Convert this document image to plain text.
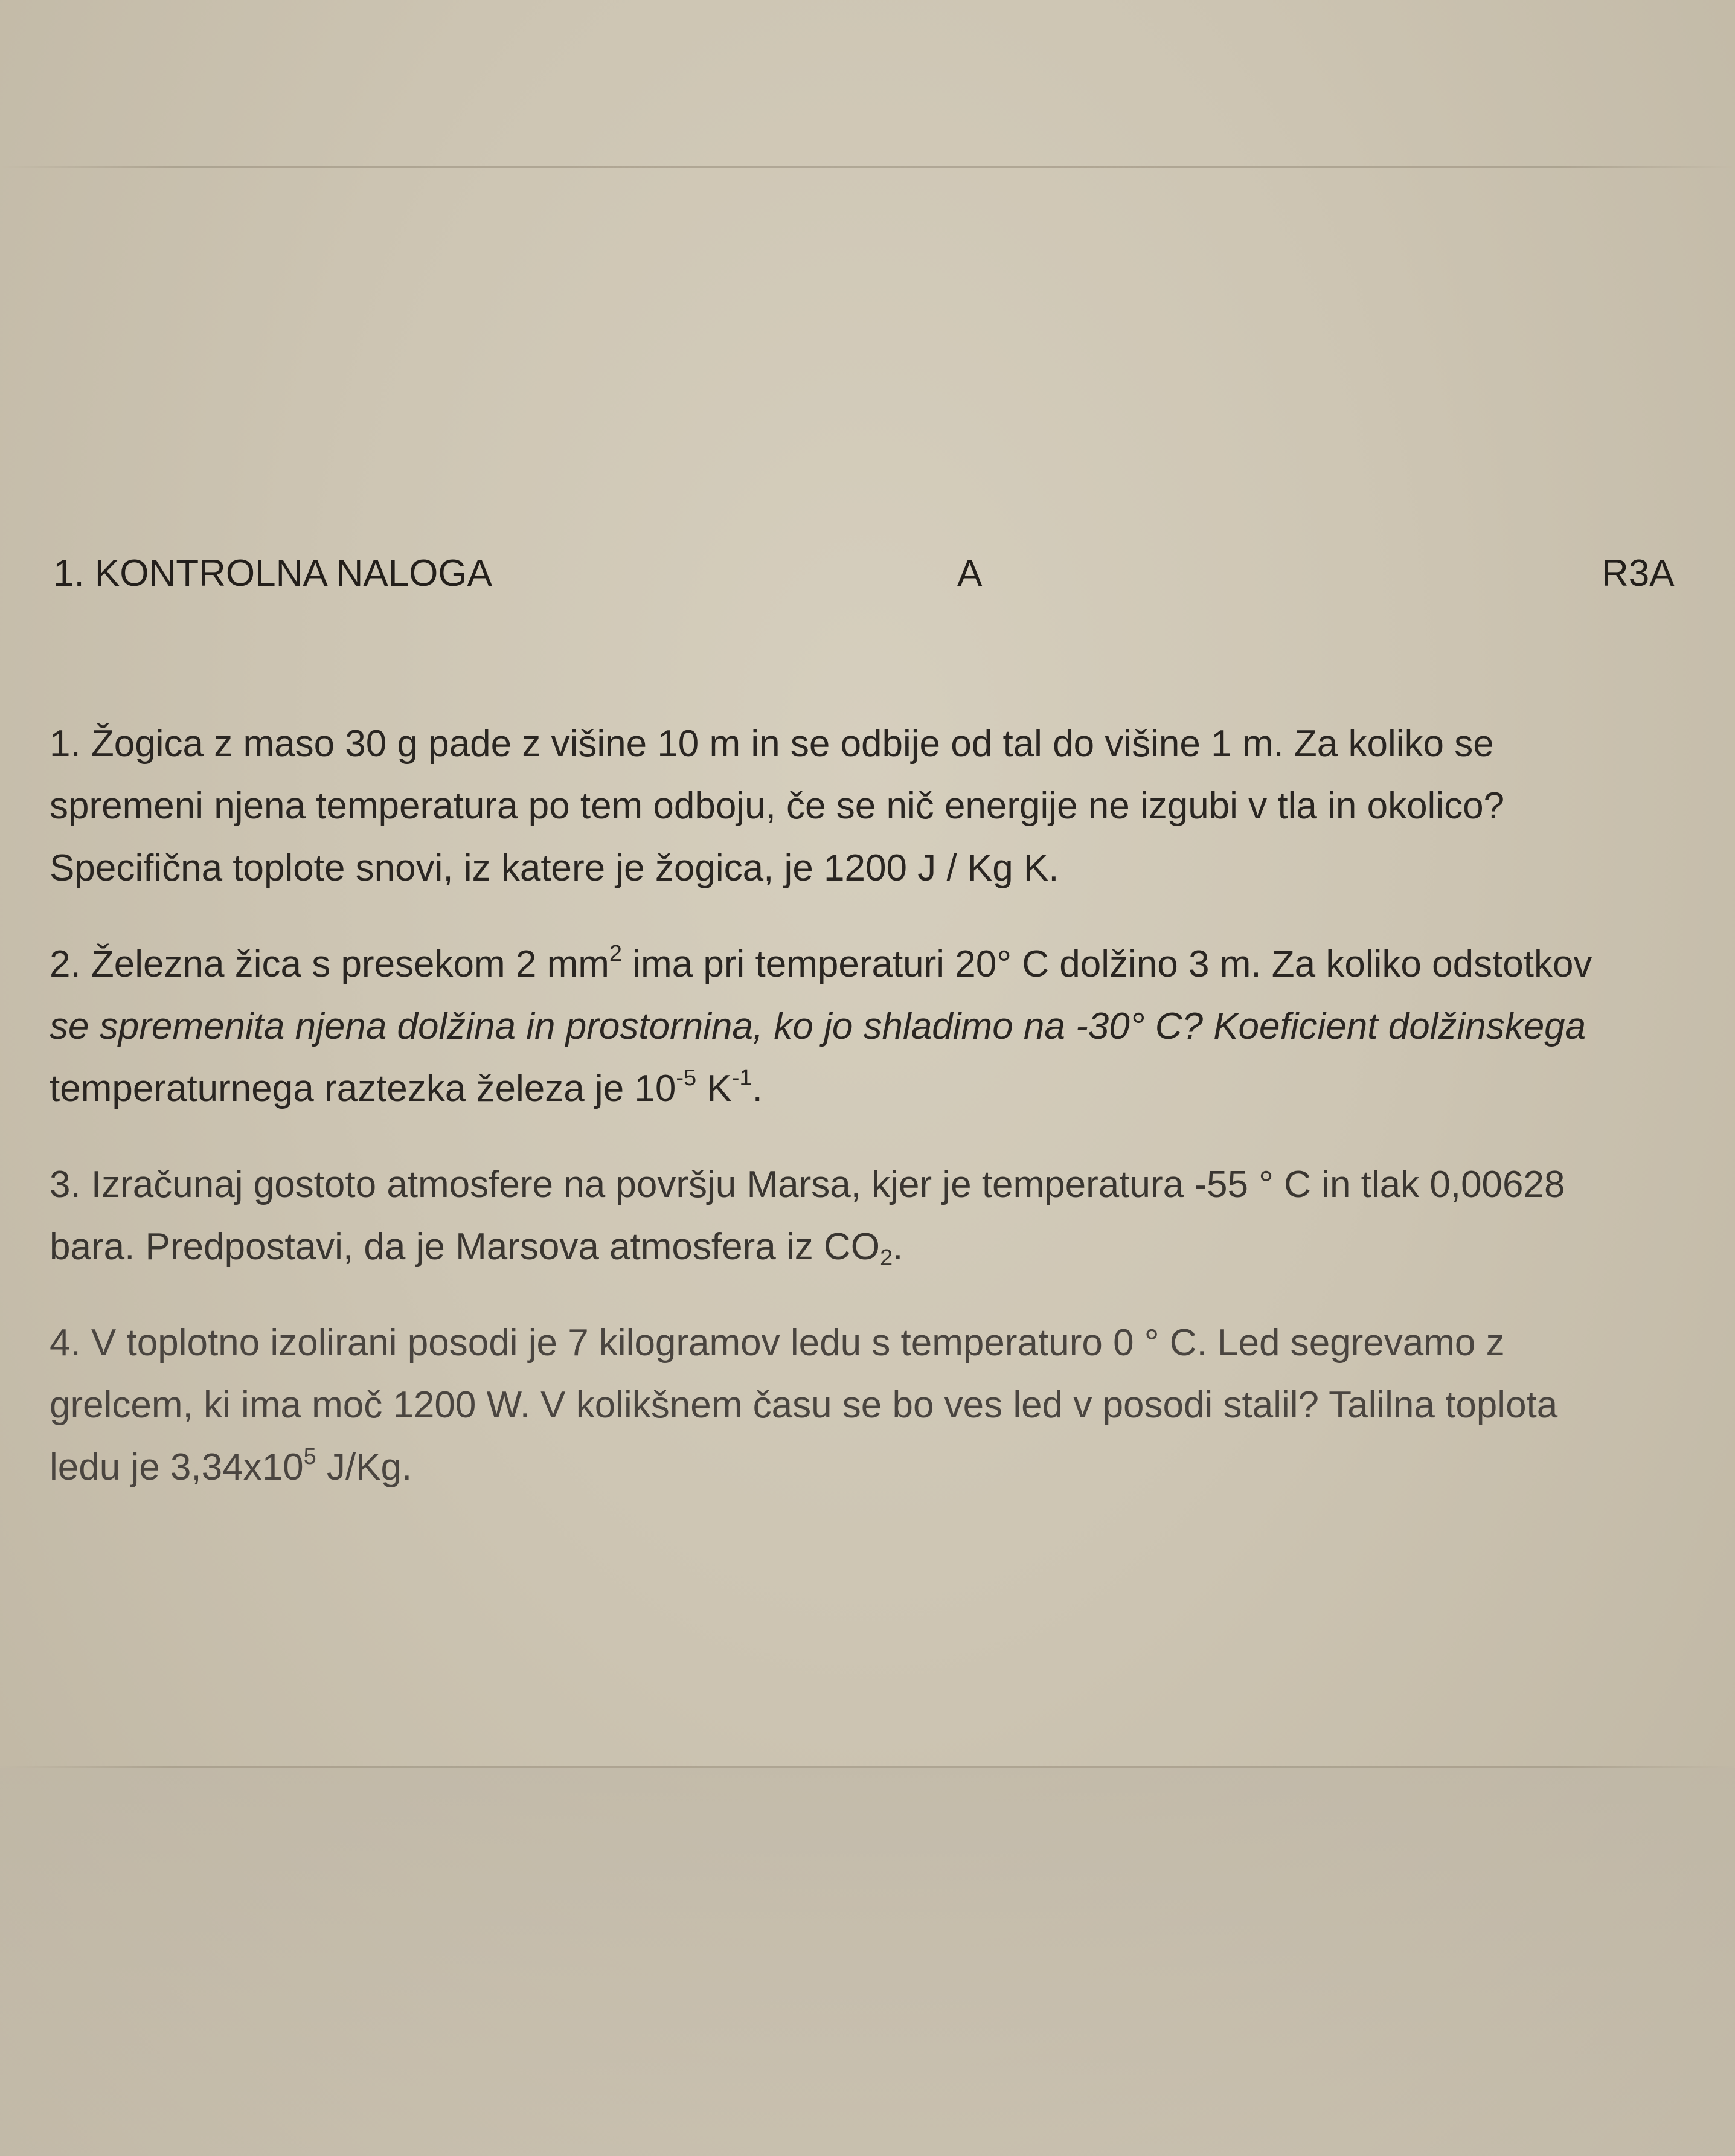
1. KONTROLNA NALOGA	A	R3A
1. Žogica z maso 30 g pade z višine 10 m in se odbije od tal do višine 1 m. Za koliko se
spremeni njena temperatura po tem odboju, če se nič energije ne izgubi v tla in okolico?
Specifična toplote snovi, iz katere je žogica, je 1200 J / Kg K.
2. Železna žica s presekom 2 $mm^2$ ima pri temperaturi 20° C dolžino 3 m. Za koliko odstotkov
se spremenita njena dolžina in prostornina, ko jo shladimo na -30° C? Koeficient dolžinskega
temperaturnega raztezka železa je $10^{-5}$ $K^{-1}$.
3. Izračunaj gostoto atmosfere na površju Marsa, kjer je temperatura -55 ° C in tlak 0,00628
bara. Predpostavi, da je Marsova atmosfera iz $CO_2$.
4. V toplotno izolirani posodi je 7 kilogramov ledu s temperaturo 0 ° C. Led segrevamo z
grelcem, ki ima moč 1200 W. V kolikšnem času se bo ves led v posodi stalil? Talilna toplota
ledu je $3,34x10^5$ J/Kg.
